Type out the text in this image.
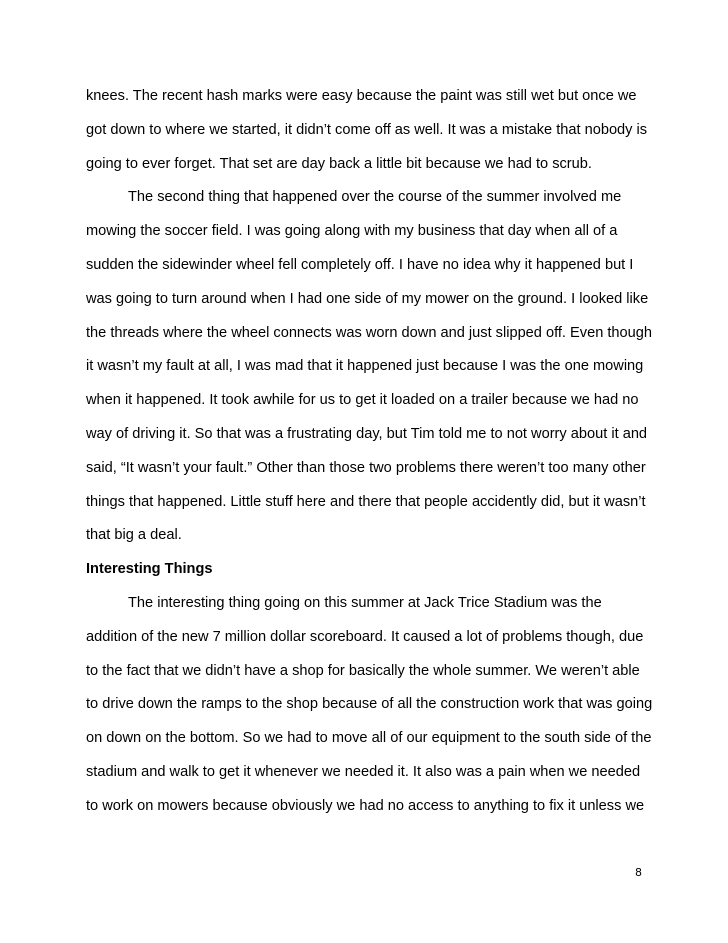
knees. The recent hash marks were easy because the paint was still wet but once we
got down to where we started, it didn’t come off as well. It was a mistake that nobody is
going to ever forget. That set are day back a little bit because we had to scrub.
The second thing that happened over the course of the summer involved me
mowing the soccer field. I was going along with my business that day when all of a
sudden the sidewinder wheel fell completely off. I have no idea why it happened but I
was going to turn around when I had one side of my mower on the ground. I looked like
the threads where the wheel connects was worn down and just slipped off. Even though
it wasn’t my fault at all, I was mad that it happened just because I was the one mowing
when it happened. It took awhile for us to get it loaded on a trailer because we had no
way of driving it. So that was a frustrating day, but Tim told me to not worry about it and
said, “It wasn’t your fault.” Other than those two problems there weren’t too many other
things that happened. Little stuff here and there that people accidently did, but it wasn’t
that big a deal.
Interesting Things
The interesting thing going on this summer at Jack Trice Stadium was the
addition of the new 7 million dollar scoreboard. It caused a lot of problems though, due
to the fact that we didn’t have a shop for basically the whole summer. We weren’t able
to drive down the ramps to the shop because of all the construction work that was going
on down on the bottom. So we had to move all of our equipment to the south side of the
stadium and walk to get it whenever we needed it. It also was a pain when we needed
to work on mowers because obviously we had no access to anything to fix it unless we
8
